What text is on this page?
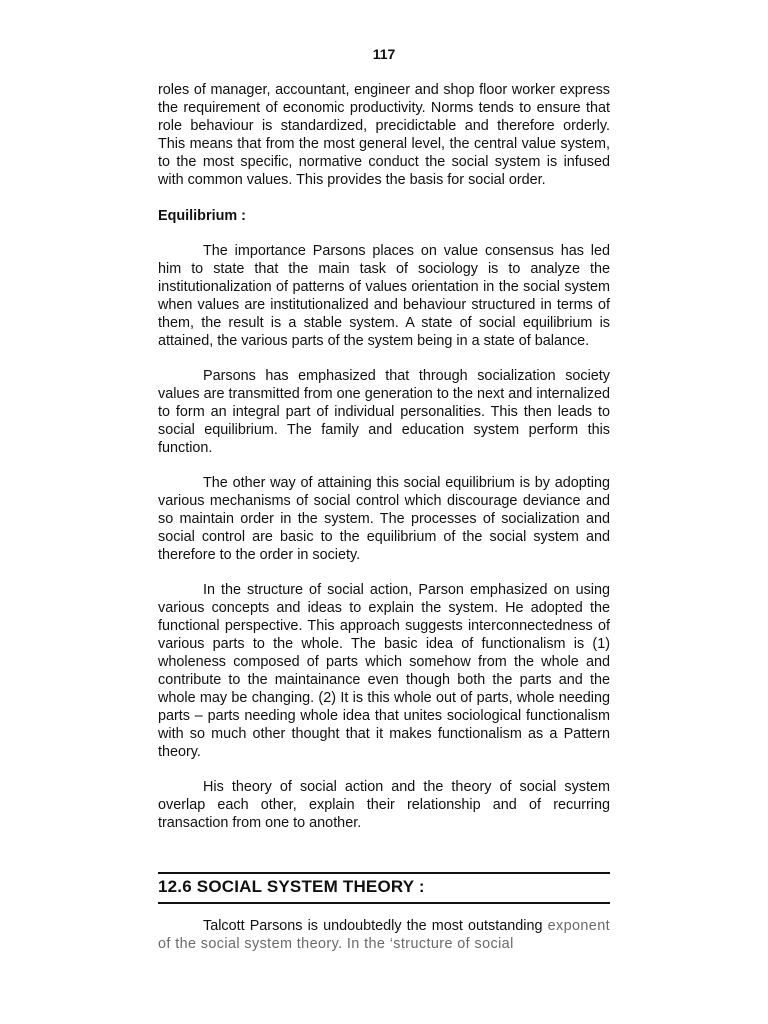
117

roles of manager, accountant, engineer and shop floor worker express the requirement of economic productivity. Norms tends to ensure that role behaviour is standardized, precidictable and therefore orderly. This means that from the most general level, the central value system, to the most specific, normative conduct the social system is infused with common values. This provides the basis for social order.

Equilibrium :

The importance Parsons places on value consensus has led him to state that the main task of sociology is to analyze the institutionalization of patterns of values orientation in the social system when values are institutionalized and behaviour structured in terms of them, the result is a stable system. A state of social equilibrium is attained, the various parts of the system being in a state of balance.

Parsons has emphasized that through socialization society values are transmitted from one generation to the next and internalized to form an integral part of individual personalities. This then leads to social equilibrium. The family and education system perform this function.

The other way of attaining this social equilibrium is by adopting various mechanisms of social control which discourage deviance and so maintain order in the system. The processes of socialization and social control are basic to the equilibrium of the social system and therefore to the order in society.

In the structure of social action, Parson emphasized on using various concepts and ideas to explain the system. He adopted the functional perspective. This approach suggests interconnectedness of various parts to the whole. The basic idea of functionalism is (1) wholeness composed of parts which somehow from the whole and contribute to the maintainance even though both the parts and the whole may be changing. (2) It is this whole out of parts, whole needing parts – parts needing whole idea that unites sociological functionalism with so much other thought that it makes functionalism as a Pattern theory.

His theory of social action and the theory of social system overlap each other, explain their relationship and of recurring transaction from one to another.

12.6 SOCIAL SYSTEM THEORY :
Talcott Parsons is undoubtedly the most outstanding exponent of the social system theory. In the ‘structure of social
